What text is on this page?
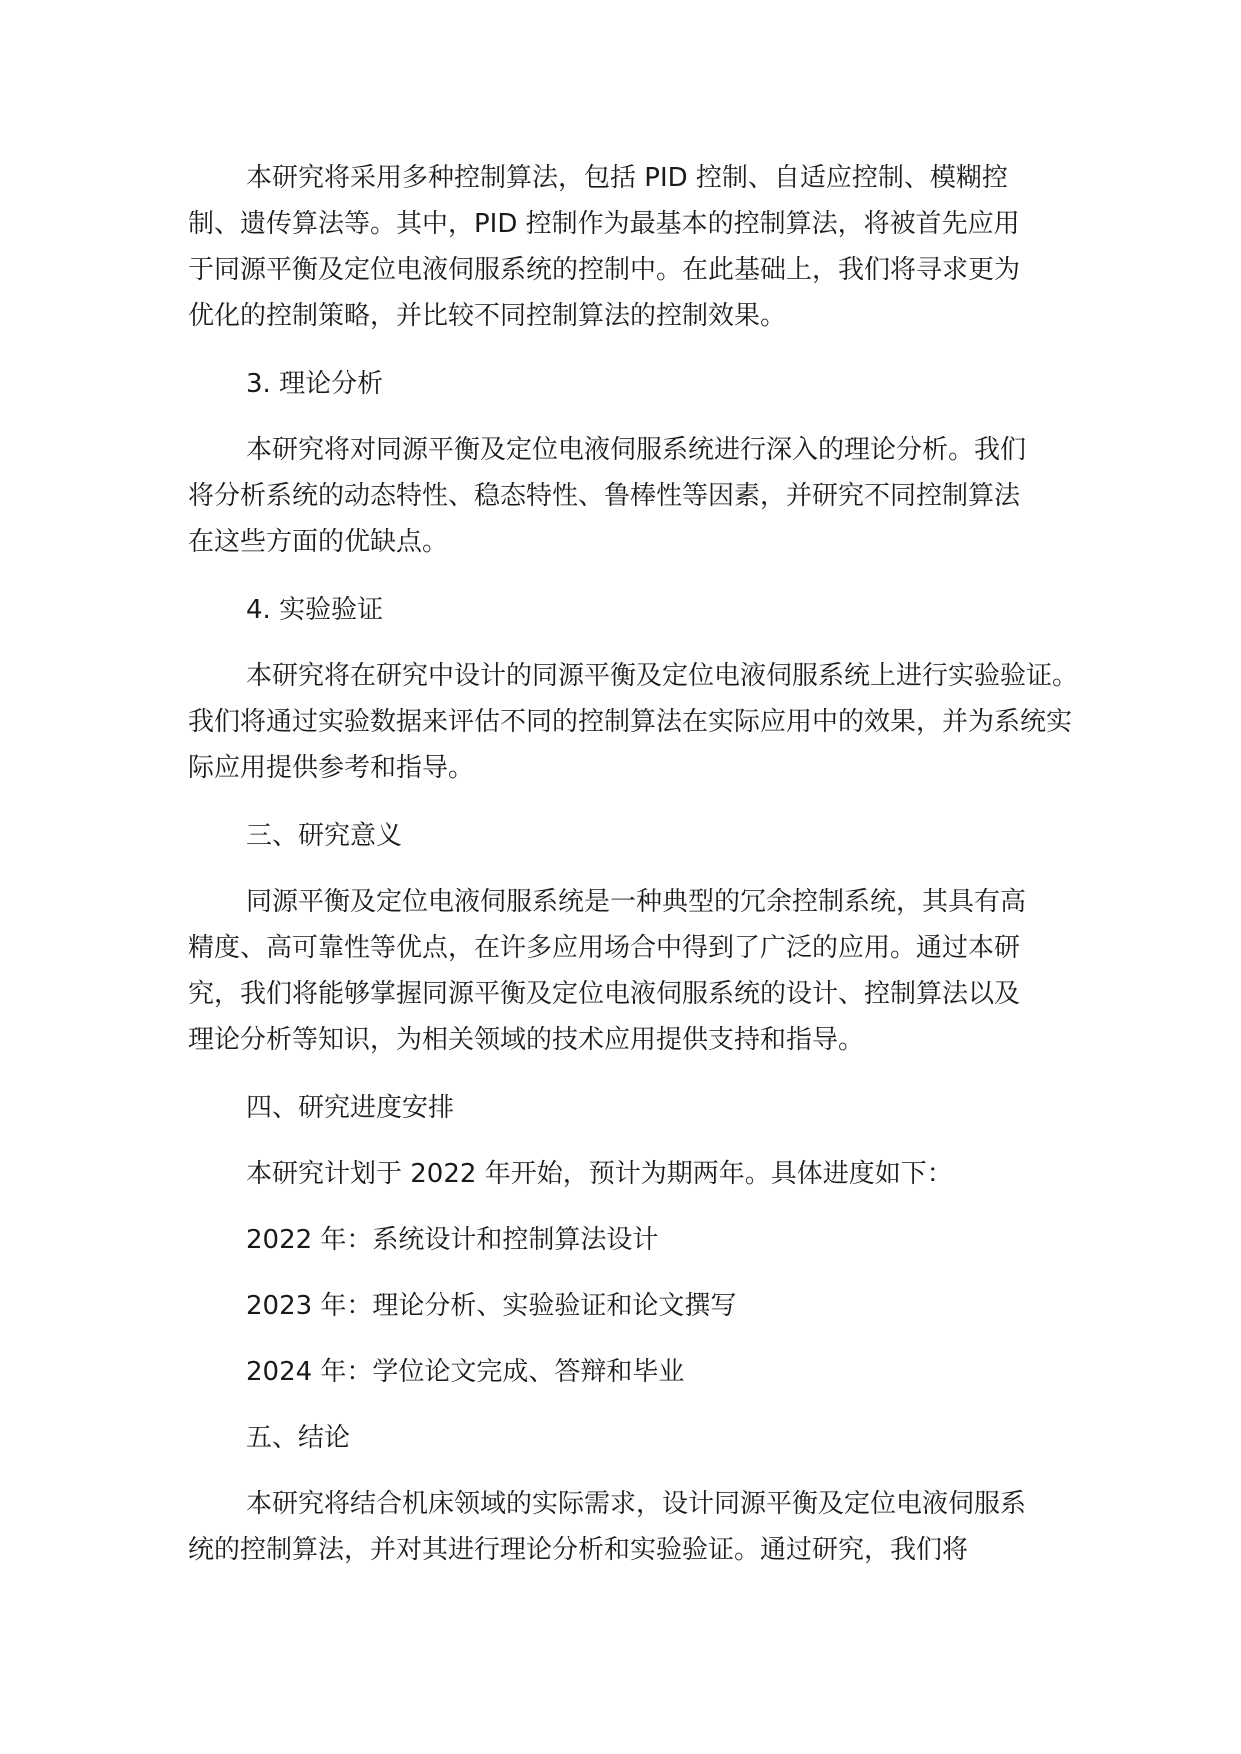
本研究将采用多种控制算法，包括 PID 控制、自适应控制、模糊控制、遗传算法等。其中，PID 控制作为最基本的控制算法，将被首先应用于同源平衡及定位电液伺服系统的控制中。在此基础上，我们将寻求更为优化的控制策略，并比较不同控制算法的控制效果。

3. 理论分析

本研究将对同源平衡及定位电液伺服系统进行深入的理论分析。我们将分析系统的动态特性、稳态特性、鲁棒性等因素，并研究不同控制算法在这些方面的优缺点。

4. 实验验证

本研究将在研究中设计的同源平衡及定位电液伺服系统上进行实验验证。我们将通过实验数据来评估不同的控制算法在实际应用中的效果，并为系统实际应用提供参考和指导。

三、研究意义

同源平衡及定位电液伺服系统是一种典型的冗余控制系统，其具有高精度、高可靠性等优点，在许多应用场合中得到了广泛的应用。通过本研究，我们将能够掌握同源平衡及定位电液伺服系统的设计、控制算法以及理论分析等知识，为相关领域的技术应用提供支持和指导。

四、研究进度安排

本研究计划于 2022 年开始，预计为期两年。具体进度如下：

2022 年：系统设计和控制算法设计

2023 年：理论分析、实验验证和论文撰写

2024 年：学位论文完成、答辩和毕业

五、结论

本研究将结合机床领域的实际需求，设计同源平衡及定位电液伺服系统的控制算法，并对其进行理论分析和实验验证。通过研究，我们将
